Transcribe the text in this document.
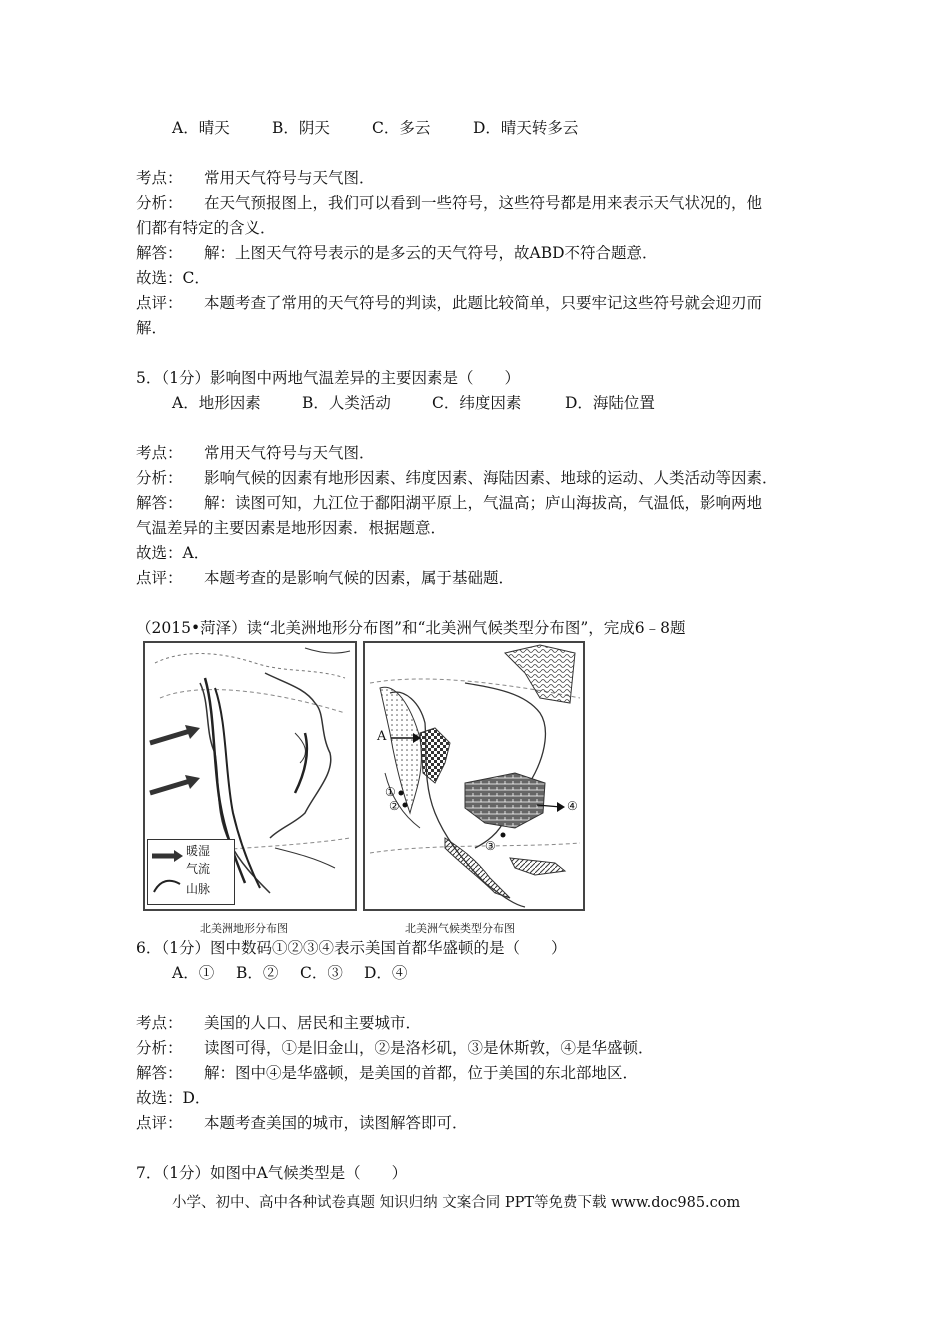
A．晴天	B．阴天	C．多云	D．晴天转多云
考点： 常用天气符号与天气图．
分析： 在天气预报图上，我们可以看到一些符号，这些符号都是用来表示天气状况的，他
们都有特定的含义．
解答： 解：上图天气符号表示的是多云的天气符号，故ABD不符合题意．
故选：C．
点评： 本题考查了常用的天气符号的判读，此题比较简单，只要牢记这些符号就会迎刃而
解．
5．（1分）影响图中两地气温差异的主要因素是（　　）
A．地形因素	B．人类活动	C．纬度因素	D．海陆位置
考点： 常用天气符号与天气图．
分析： 影响气候的因素有地形因素、纬度因素、海陆因素、地球的运动、人类活动等因素．
解答： 解：读图可知，九江位于鄱阳湖平原上，气温高；庐山海拔高，气温低，影响两地
气温差异的主要因素是地形因素．根据题意．
故选：A．
点评： 本题考查的是影响气候的因素，属于基础题．
（2015•菏泽）读“北美洲地形分布图”和“北美洲气候类型分布图”，完成6﹣8题
暖湿
气流
山脉
北美洲地形分布图
A
①
②
③
④
北美洲气候类型分布图
6．（1分）图中数码①②③④表示美国首都华盛顿的是（　　）
A．① B．② C．③ D．④
考点： 美国的人口、居民和主要城市．
分析： 读图可得，①是旧金山，②是洛杉矶，③是休斯敦，④是华盛顿．
解答： 解：图中④是华盛顿，是美国的首都，位于美国的东北部地区．
故选：D．
点评： 本题考查美国的城市，读图解答即可．
7．（1分）如图中A气候类型是（　　）
小学、初中、高中各种试卷真题 知识归纳 文案合同 PPT等免费下载 www.doc985.com
